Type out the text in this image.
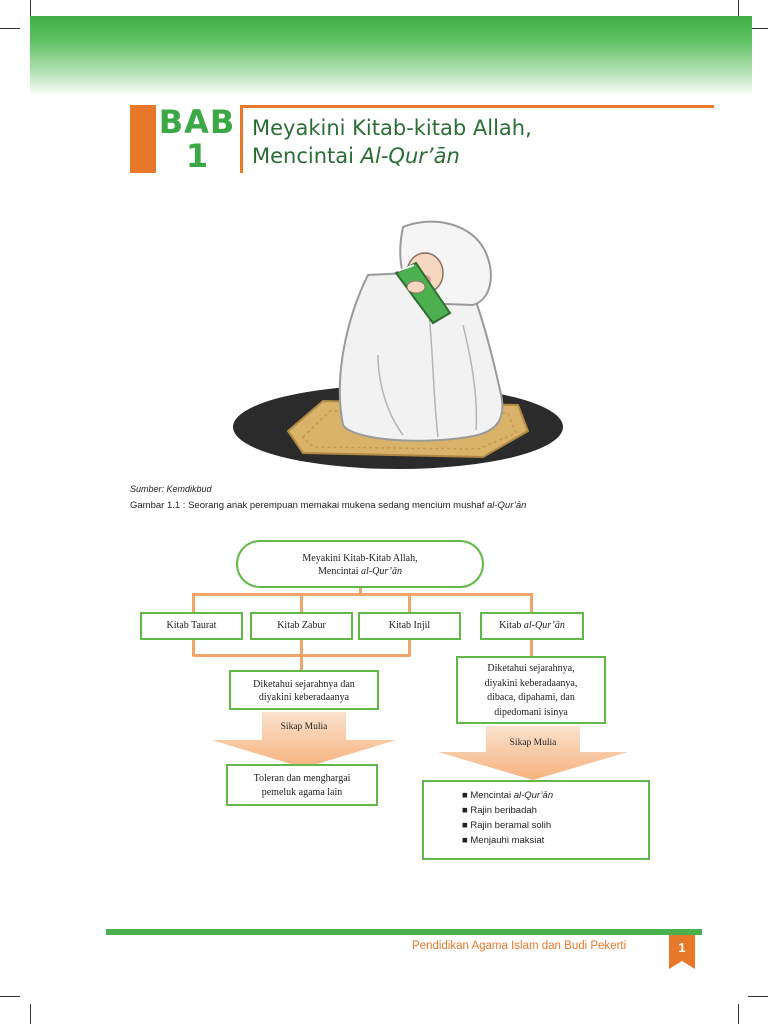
BAB
1
Meyakini Kitab-kitab Allah,
Mencintai Al-Qur’ān
Sumber: Kemdikbud
Gambar 1.1 : Seorang anak perempuan memakai mukena sedang mencium mushaf al-Qur’ān
Meyakini Kitab-Kitab Allah,
Mencintai al-Qur’ān
Kitab Taurat	Kitab Zabur	Kitab Injil	Kitab al-Qur’ān
Diketahui sejarahnya dan
diyakini keberadaanya
Diketahui sejarahnya,
diyakini keberadaanya,
dibaca, dipahami, dan
dipedomani isinya
Sikap Mulia
Sikap Mulia
Toleran dan menghargai
pemeluk agama lain	■ Mencintai al-Qur’ān
■ Rajin beribadah
■ Rajin beramal solih
■ Menjauhi maksiat
Pendidikan Agama Islam dan Budi Pekerti	1
